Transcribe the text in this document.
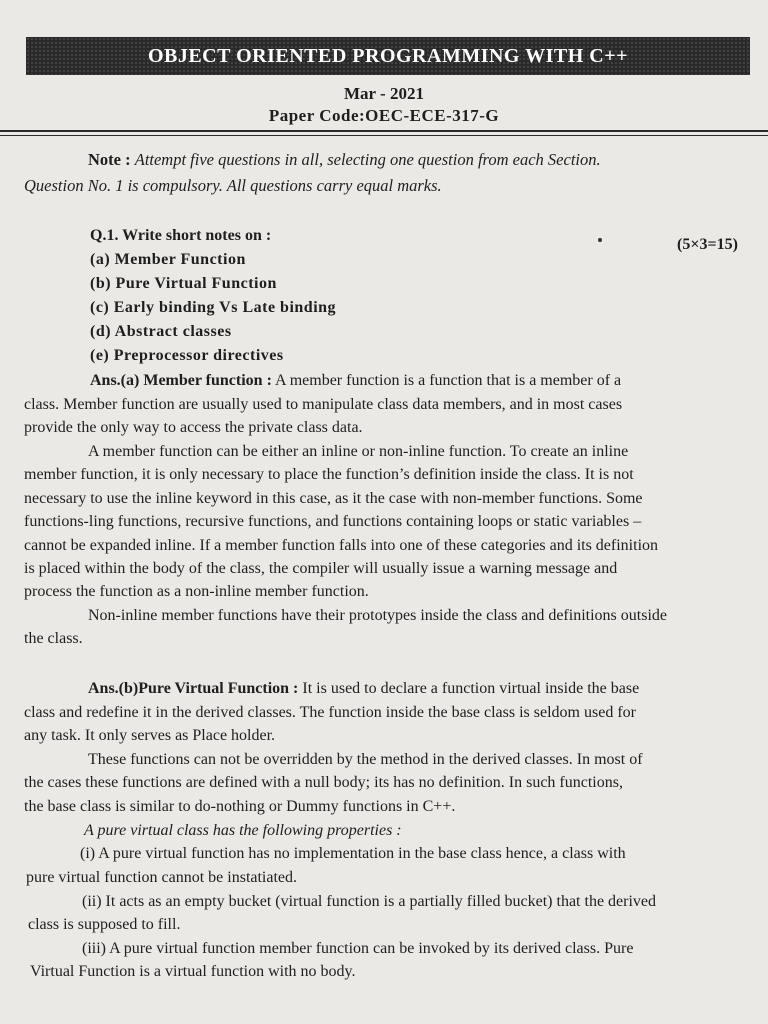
OBJECT ORIENTED PROGRAMMING WITH C++
Mar - 2021
Paper Code:OEC-ECE-317-G
Note : Attempt five questions in all, selecting one question from each Section.
Question No. 1 is compulsory. All questions carry equal marks.
Q.1. Write short notes on :
(5×3=15)
(a) Member Function
(b) Pure Virtual Function
(c) Early binding Vs Late binding
(d) Abstract classes
(e) Preprocessor directives
Ans.(a) Member function : A member function is a function that is a member of a
class. Member function are usually used to manipulate class data members, and in most cases
provide the only way to access the private class data.
A member function can be either an inline or non-inline function. To create an inline
member function, it is only necessary to place the function’s definition inside the class. It is not
necessary to use the inline keyword in this case, as it the case with non-member functions. Some
functions-ling functions, recursive functions, and functions containing loops or static variables –
cannot be expanded inline. If a member function falls into one of these categories and its definition
is placed within the body of the class, the compiler will usually issue a warning message and
process the function as a non-inline member function.
Non-inline member functions have their prototypes inside the class and definitions outside
the class.
Ans.(b)Pure Virtual Function : It is used to declare a function virtual inside the base
class and redefine it in the derived classes. The function inside the base class is seldom used for
any task. It only serves as Place holder.
These functions can not be overridden by the method in the derived classes. In most of
the cases these functions are defined with a null body; its has no definition. In such functions,
the base class is similar to do-nothing or Dummy functions in C++.
A pure virtual class has the following properties :
(i) A pure virtual function has no implementation in the base class hence, a class with
pure virtual function cannot be instatiated.
(ii) It acts as an empty bucket (virtual function is a partially filled bucket) that the derived
class is supposed to fill.
(iii) A pure virtual function member function can be invoked by its derived class. Pure
Virtual Function is a virtual function with no body.
